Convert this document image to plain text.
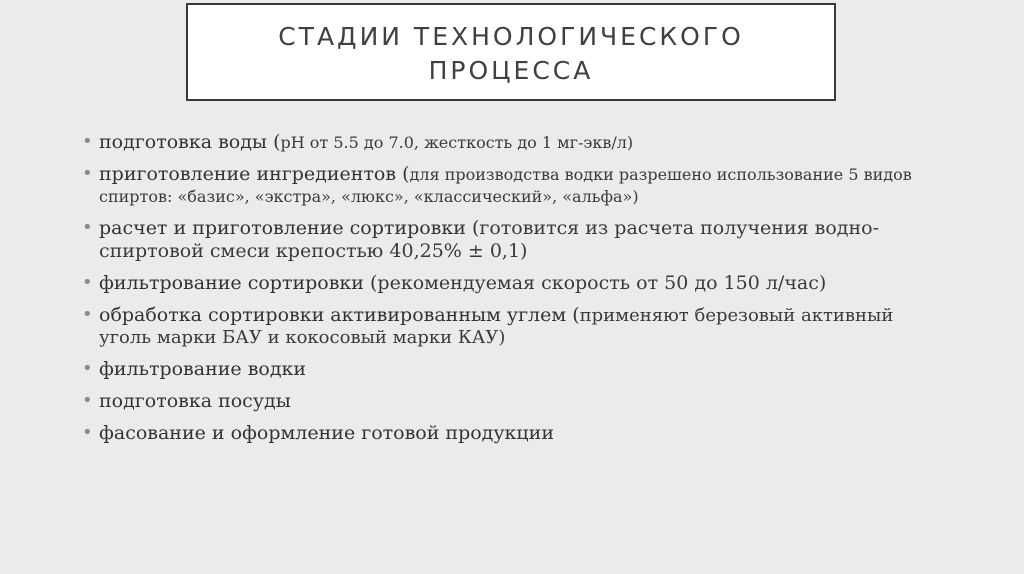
СТАДИИ ТЕХНОЛОГИЧЕСКОГО
ПРОЦЕССА

• подготовка воды (pH от 5.5 до 7.0, жесткость до 1 мг-экв/л)
• приготовление ингредиентов (для производства водки разрешено использование 5 видов спиртов: «базис», «экстра», «люкс», «классический», «альфа»)
• расчет и приготовление сортировки (готовится из расчета получения водно-спиртовой смеси крепостью 40,25% ± 0,1)
• фильтрование сортировки (рекомендуемая скорость от 50 до 150 л/час)
• обработка сортировки активированным углем (применяют березовый активный уголь марки БАУ и кокосовый марки КАУ)
• фильтрование водки
• подготовка посуды
• фасование и оформление готовой продукции
